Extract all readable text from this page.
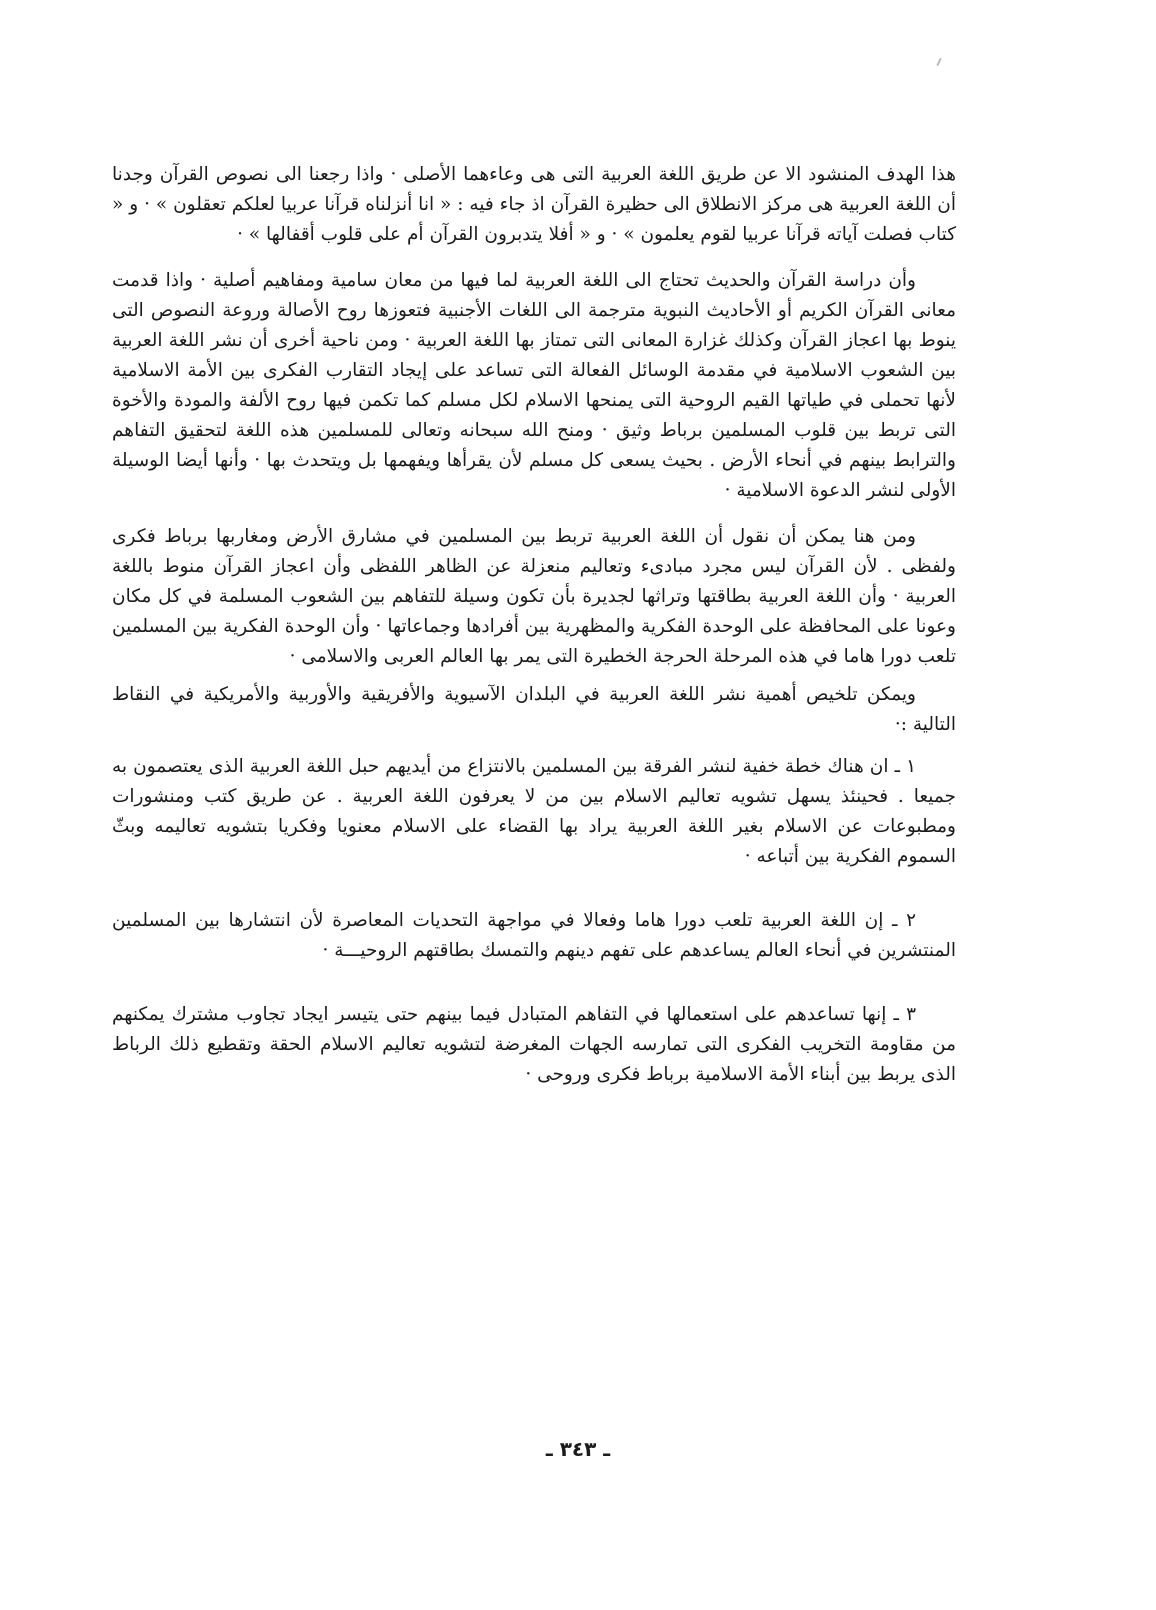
هذا الهدف المنشود الا عن طريق اللغة العربية التى هى وعاءهما الأصلى · واذا رجعنا الى نصوص القرآن وجدنا أن اللغة العربية هى مركز الانطلاق الى حظيرة القرآن اذ جاء فيه : « انا أنزلناه قرآنا عربيا لعلكم تعقلون » · و « كتاب فصلت آياته قرآنا عربيا لقوم يعلمون » · و « أفلا يتدبرون القرآن أم على قلوب أقفالها » ·

وأن دراسة القرآن والحديث تحتاج الى اللغة العربية لما فيها من معان سامية ومفاهيم أصلية · واذا قدمت معانى القرآن الكريم أو الأحاديث النبوية مترجمة الى اللغات الأجنبية فتعوزها روح الأصالة وروعة النصوص التى ينوط بها اعجاز القرآن وكذلك غزارة المعانى التى تمتاز بها اللغة العربية · ومن ناحية أخرى أن نشر اللغة العربية بين الشعوب الاسلامية في مقدمة الوسائل الفعالة التى تساعد على إيجاد التقارب الفكرى بين الأمة الاسلامية لأنها تحملى في طياتها القيم الروحية التى يمنحها الاسلام لكل مسلم كما تكمن فيها روح الألفة والمودة والأخوة التى تربط بين قلوب المسلمين برباط وثيق · ومنح الله سبحانه وتعالى للمسلمين هذه اللغة لتحقيق التفاهم والترابط بينهم في أنحاء الأرض . بحيث يسعى كل مسلم لأن يقرأها ويفهمها بل ويتحدث بها · وأنها أيضا الوسيلة الأولى لنشر الدعوة الاسلامية ·

ومن هنا يمكن أن نقول أن اللغة العربية تربط بين المسلمين في مشارق الأرض ومغاربها برباط فكرى ولفظى . لأن القرآن ليس مجرد مبادىء وتعاليم منعزلة عن الظاهر اللفظى وأن اعجاز القرآن منوط باللغة العربية · وأن اللغة العربية بطاقتها وتراثها لجديرة بأن تكون وسيلة للتفاهم بين الشعوب المسلمة في كل مكان وعونا على المحافظة على الوحدة الفكرية والمظهرية بين أفرادها وجماعاتها · وأن الوحدة الفكرية بين المسلمين تلعب دورا هاما في هذه المرحلة الحرجة الخطيرة التى يمر بها العالم العربى والاسلامى ·

ويمكن تلخيص أهمية نشر اللغة العربية في البلدان الآسيوية والأفريقية والأوربية والأمريكية في النقاط التالية :·

١ ـ ان هناك خطة خفية لنشر الفرقة بين المسلمين بالانتزاع من أيديهم حبل اللغة العربية الذى يعتصمون به جميعا . فحينئذ يسهل تشويه تعاليم الاسلام بين من لا يعرفون اللغة العربية . عن طريق كتب ومنشورات ومطبوعات عن الاسلام بغير اللغة العربية يراد بها القضاء على الاسلام معنويا وفكريا بتشويه تعاليمه وبثّ السموم الفكرية بين أتباعه ·

٢ ـ إن اللغة العربية تلعب دورا هاما وفعالا في مواجهة التحديات المعاصرة لأن انتشارها بين المسلمين المنتشرين في أنحاء العالم يساعدهم على تفهم دينهم والتمسك بطاقتهم الروحيـــة ·

٣ ـ إنها تساعدهم على استعمالها في التفاهم المتبادل فيما بينهم حتى يتيسر ايجاد تجاوب مشترك يمكنهم من مقاومة التخريب الفكرى التى تمارسه الجهات المغرضة لتشويه تعاليم الاسلام الحقة وتقطيع ذلك الرباط الذى يربط بين أبناء الأمة الاسلامية برباط فكرى وروحى ·

ـ ٣٤٣ ـ
